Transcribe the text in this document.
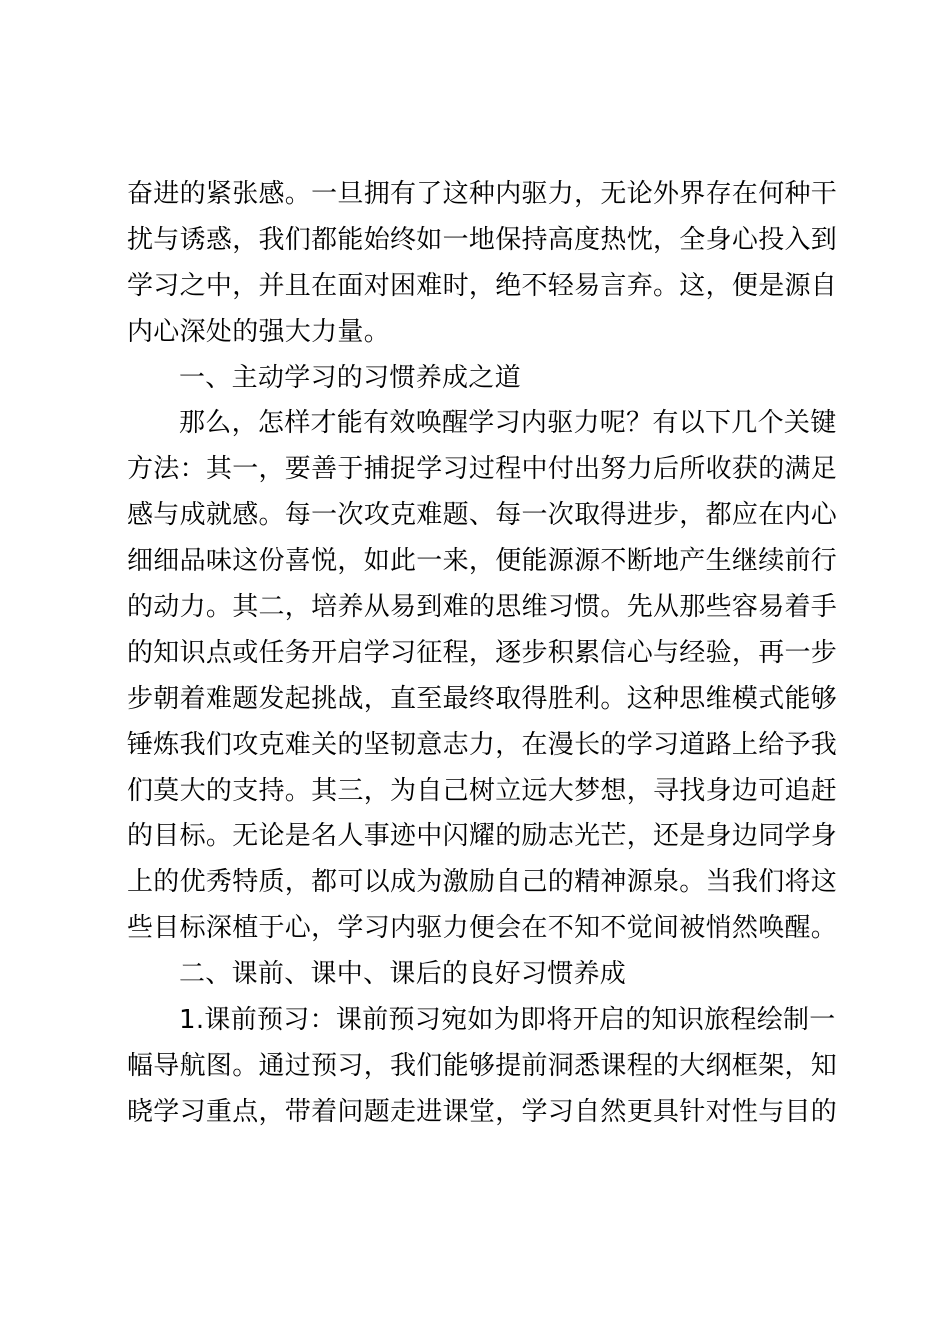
奋进的紧张感。一旦拥有了这种内驱力，无论外界存在何种干
扰与诱惑，我们都能始终如一地保持高度热忱，全身心投入到
学习之中，并且在面对困难时，绝不轻易言弃。这，便是源自
内心深处的强大力量。
一、主动学习的习惯养成之道
那么，怎样才能有效唤醒学习内驱力呢？有以下几个关键
方法：其一，要善于捕捉学习过程中付出努力后所收获的满足
感与成就感。每一次攻克难题、每一次取得进步，都应在内心
细细品味这份喜悦，如此一来，便能源源不断地产生继续前行
的动力。其二，培养从易到难的思维习惯。先从那些容易着手
的知识点或任务开启学习征程，逐步积累信心与经验，再一步
步朝着难题发起挑战，直至最终取得胜利。这种思维模式能够
锤炼我们攻克难关的坚韧意志力，在漫长的学习道路上给予我
们莫大的支持。其三，为自己树立远大梦想，寻找身边可追赶
的目标。无论是名人事迹中闪耀的励志光芒，还是身边同学身
上的优秀特质，都可以成为激励自己的精神源泉。当我们将这
些目标深植于心，学习内驱力便会在不知不觉间被悄然唤醒。
二、课前、课中、课后的良好习惯养成
1.课前预习：课前预习宛如为即将开启的知识旅程绘制一
幅导航图。通过预习，我们能够提前洞悉课程的大纲框架，知
晓学习重点，带着问题走进课堂，学习自然更具针对性与目的
